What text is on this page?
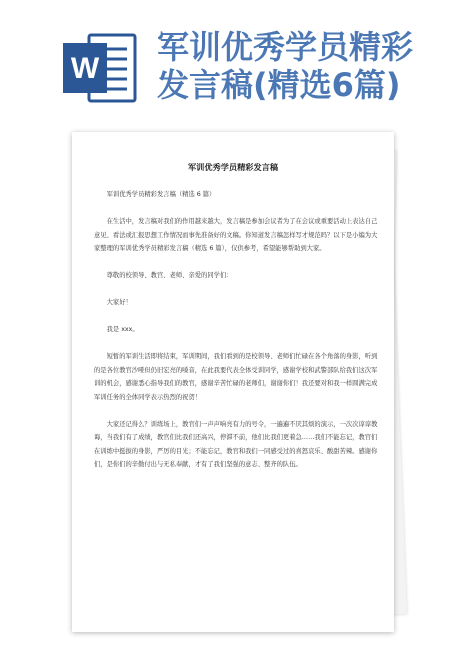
W
军训优秀学员精彩
发言稿(精选6篇)
军训优秀学员精彩发言稿

军训优秀学员精彩发言稿（精选 6 篇）

在生活中，发言稿对我们的作用越来越大，发言稿是参加会议者为了在会议或重要活动上表达自己意见、看法或汇报思想工作情况而事先准备好的文稿。你知道发言稿怎样写才规范吗？以下是小编为大家整理的军训优秀学员精彩发言稿（精选 6 篇），仅供参考，希望能够帮助到大家。

尊敬的校领导、教官、老师、亲爱的同学们：

大家好！

我是 xxx。

短暂的军训生活即将结束，军训期间，我们看到的是校领导、老师们忙碌在各个角落的身影，听到的是各位教官沙哑但仍旧宏亮的嗓音，在此我要代表全体受训同学，感谢学校和武警部队给我们这次军训的机会，感谢悉心指导我们的教官，感谢辛苦忙碌的老师们，谢谢你们！我还要对和我一样圆满完成军训任务的全体同学表示热烈的祝贺！

大家还记得么？训练场上，教官们一声声响亮有力的号令，一遍遍不厌其烦的演示，一次次谆谆教诲，当我们有了成绩，教官们比我们还高兴，停滞不前，他们比我们更着急……我们不能忘记，教官们在训练中挺拔的身影，严厉的目光；不能忘记，教官和我们一同感受过的喜怒哀乐、酸甜苦辣。感谢你们，是你们的辛勤付出与无私奉献，才有了我们坚强的意志、整齐的队伍。
